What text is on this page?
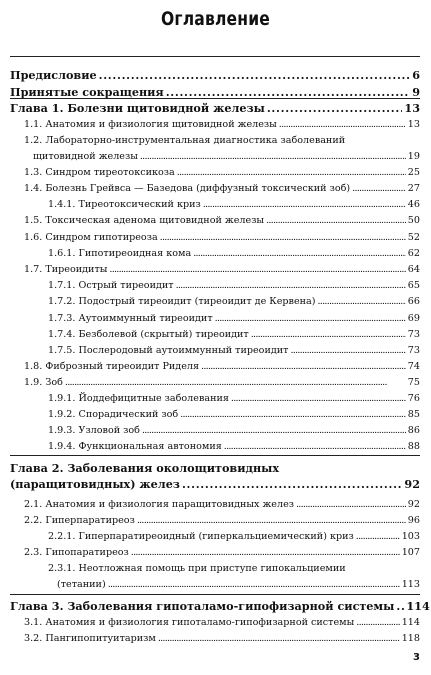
Оглавление
Предисловие . . .	6
Принятые сокращения . . .	9
Глава 1. Болезни щитовидной железы . . .	13
1.1. Анатомия и физиология щитовидной железы . . .	13
1.2. Лабораторно-инструментальная диагностика заболеваний
щитовидной железы . . .	19
1.3. Синдром тиреотоксикоза . . .	25
1.4. Болезнь Грейвса — Базедова (диффузный токсический зоб) . . .	27
1.4.1. Тиреотоксический криз . . .	46
1.5. Токсическая аденома щитовидной железы . . .	50
1.6. Синдром гипотиреоза . . .	52
1.6.1. Гипотиреоидная кома . . .	62
1.7. Тиреоидиты . . .	64
1.7.1. Острый тиреоидит . . .	65
1.7.2. Подострый тиреоидит (тиреоидит де Кервена) . . .	66
1.7.3. Аутоиммунный тиреоидит . . .	69
1.7.4. Безболевой (скрытый) тиреоидит . . .	73
1.7.5. Послеродовый аутоиммунный тиреоидит . . .	73
1.8. Фиброзный тиреоидит Риделя . . .	74
1.9. Зоб . . .	75
1.9.1. Йоддефицитные заболевания . . .	76
1.9.2. Спорадический зоб . . .	85
1.9.3. Узловой зоб . . .	86
1.9.4. Функциональная автономия . . .	88
Глава 2. Заболевания околощитовидных
(паращитовидных) желез . . .	92
2.1. Анатомия и физиология паращитовидных желез . . .	92
2.2. Гиперпаратиреоз . . .	96
2.2.1. Гиперпаратиреоидный (гиперкальциемический) криз . . .	103
2.3. Гипопаратиреоз . . .	107
2.3.1. Неотложная помощь при приступе гипокальциемии
(тетании) . . .	113
Глава 3. Заболевания гипоталамо-гипофизарной системы . . . 114
3.1. Анатомия и физиология гипоталамо-гипофизарной системы . . .	114
3.2. Пангипопитуитаризм . . .	118
3
